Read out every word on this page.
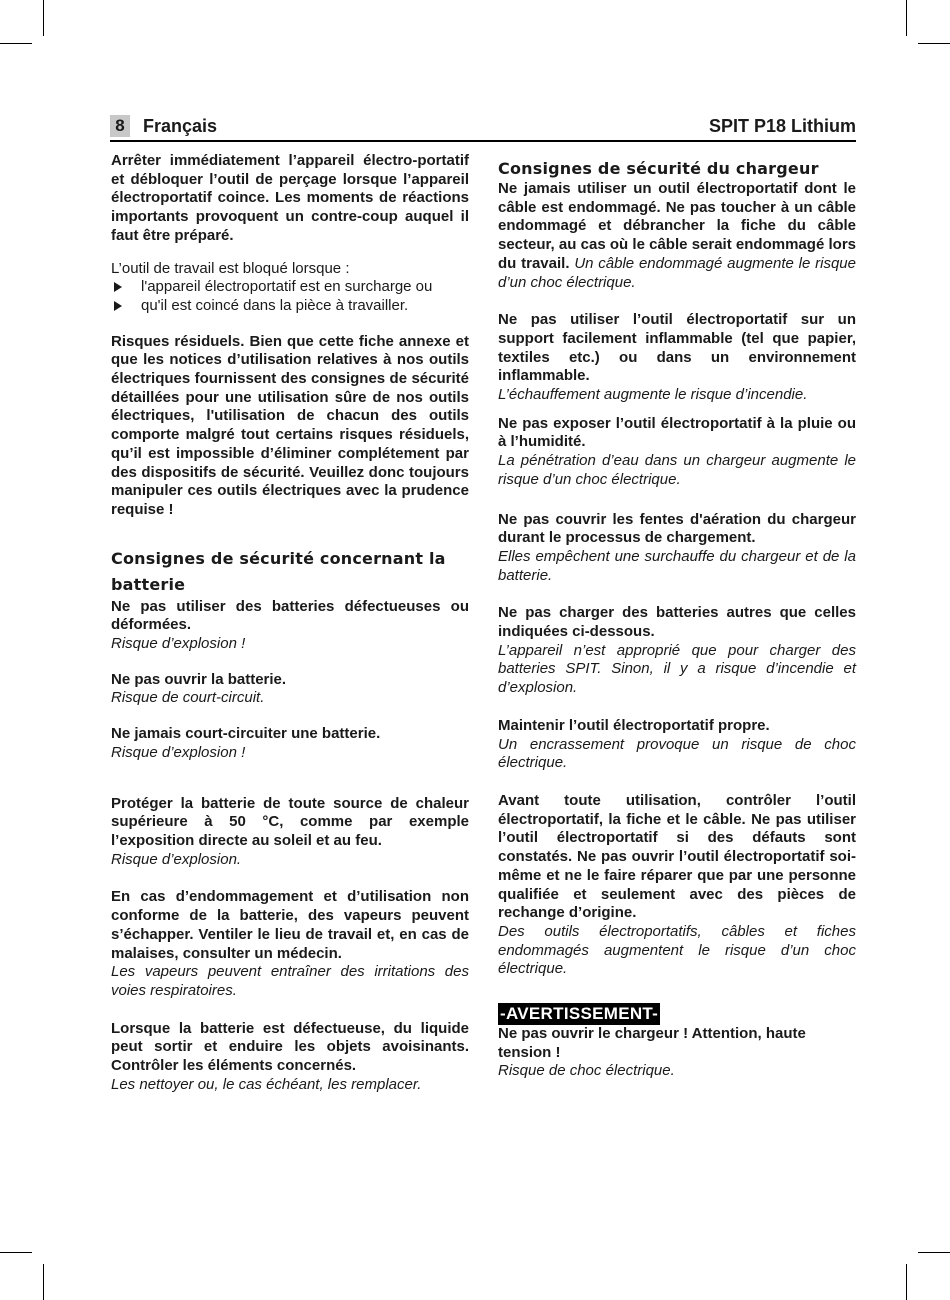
8 Français	SPIT P18 Lithium

Arrêter immédiatement l’appareil électro-portatif et débloquer l’outil de perçage lorsque l’appareil électroportatif coince. Les moments de réactions importants provoquent un contre-coup auquel il faut être préparé.

L’outil de travail est bloqué lorsque :

l'appareil électroportatif est en surcharge ou
qu'il est coincé dans la pièce à travailler.

Risques résiduels. Bien que cette fiche annexe et que les notices d’utilisation relatives à nos outils électriques fournissent des consignes de sécurité détaillées pour une utilisation sûre de nos outils électriques, l'utilisation de chacun des outils comporte malgré tout certains risques résiduels, qu’il est impossible d’éliminer complétement par des dispositifs de sécurité. Veuillez donc toujours manipuler ces outils électriques avec la prudence requise !

Consignes de sécurité concernant la batterie

Ne pas utiliser des batteries défectueuses ou déformées.

Risque d’explosion !

Ne pas ouvrir la batterie.

Risque de court-circuit.

Ne jamais court-circuiter une batterie.

Risque d’explosion !

Protéger la batterie de toute source de chaleur supérieure à 50 °C, comme par exemple l’exposition directe au soleil et au feu.

Risque d’explosion.

En cas d’endommagement et d’utilisation non conforme de la batterie, des vapeurs peuvent s’échapper. Ventiler le lieu de travail et, en cas de malaises, consulter un médecin.

Les vapeurs peuvent entraîner des irritations des voies respiratoires.

Lorsque la batterie est défectueuse, du liquide peut sortir et enduire les objets avoisinants. Contrôler les éléments concernés.

Les nettoyer ou, le cas échéant, les remplacer.

Consignes de sécurité du chargeur

Ne jamais utiliser un outil électroportatif dont le câble est endommagé. Ne pas toucher à un câble endommagé et débrancher la fiche du câble secteur, au cas où le câble serait endommagé lors du travail. Un câble endommagé augmente le risque d’un choc électrique.

Ne pas utiliser l’outil électroportatif sur un support facilement inflammable (tel que papier, textiles etc.) ou dans un environnement inflammable.

L’échauffement augmente le risque d’incendie.

Ne pas exposer l’outil électroportatif à la pluie ou à l’humidité.

La pénétration d’eau dans un chargeur augmente le risque d’un choc électrique.

Ne pas couvrir les fentes d'aération du chargeur durant le processus de chargement.

Elles empêchent une surchauffe du chargeur et de la batterie.

Ne pas charger des batteries autres que celles indiquées ci-dessous.

L’appareil n’est approprié que pour charger des batteries SPIT. Sinon, il y a risque d’incendie et d’explosion.

Maintenir l’outil électroportatif propre.

Un encrassement provoque un risque de choc électrique.

Avant toute utilisation, contrôler l’outil électroportatif, la fiche et le câble. Ne pas utiliser l’outil électroportatif si des défauts sont constatés. Ne pas ouvrir l’outil électroportatif soi-même et ne le faire réparer que par une personne qualifiée et seulement avec des pièces de rechange d’origine.

Des outils électroportatifs, câbles et fiches endommagés augmentent le risque d’un choc électrique.

-AVERTISSEMENT-

Ne pas ouvrir le chargeur ! Attention, haute tension !

Risque de choc électrique.
